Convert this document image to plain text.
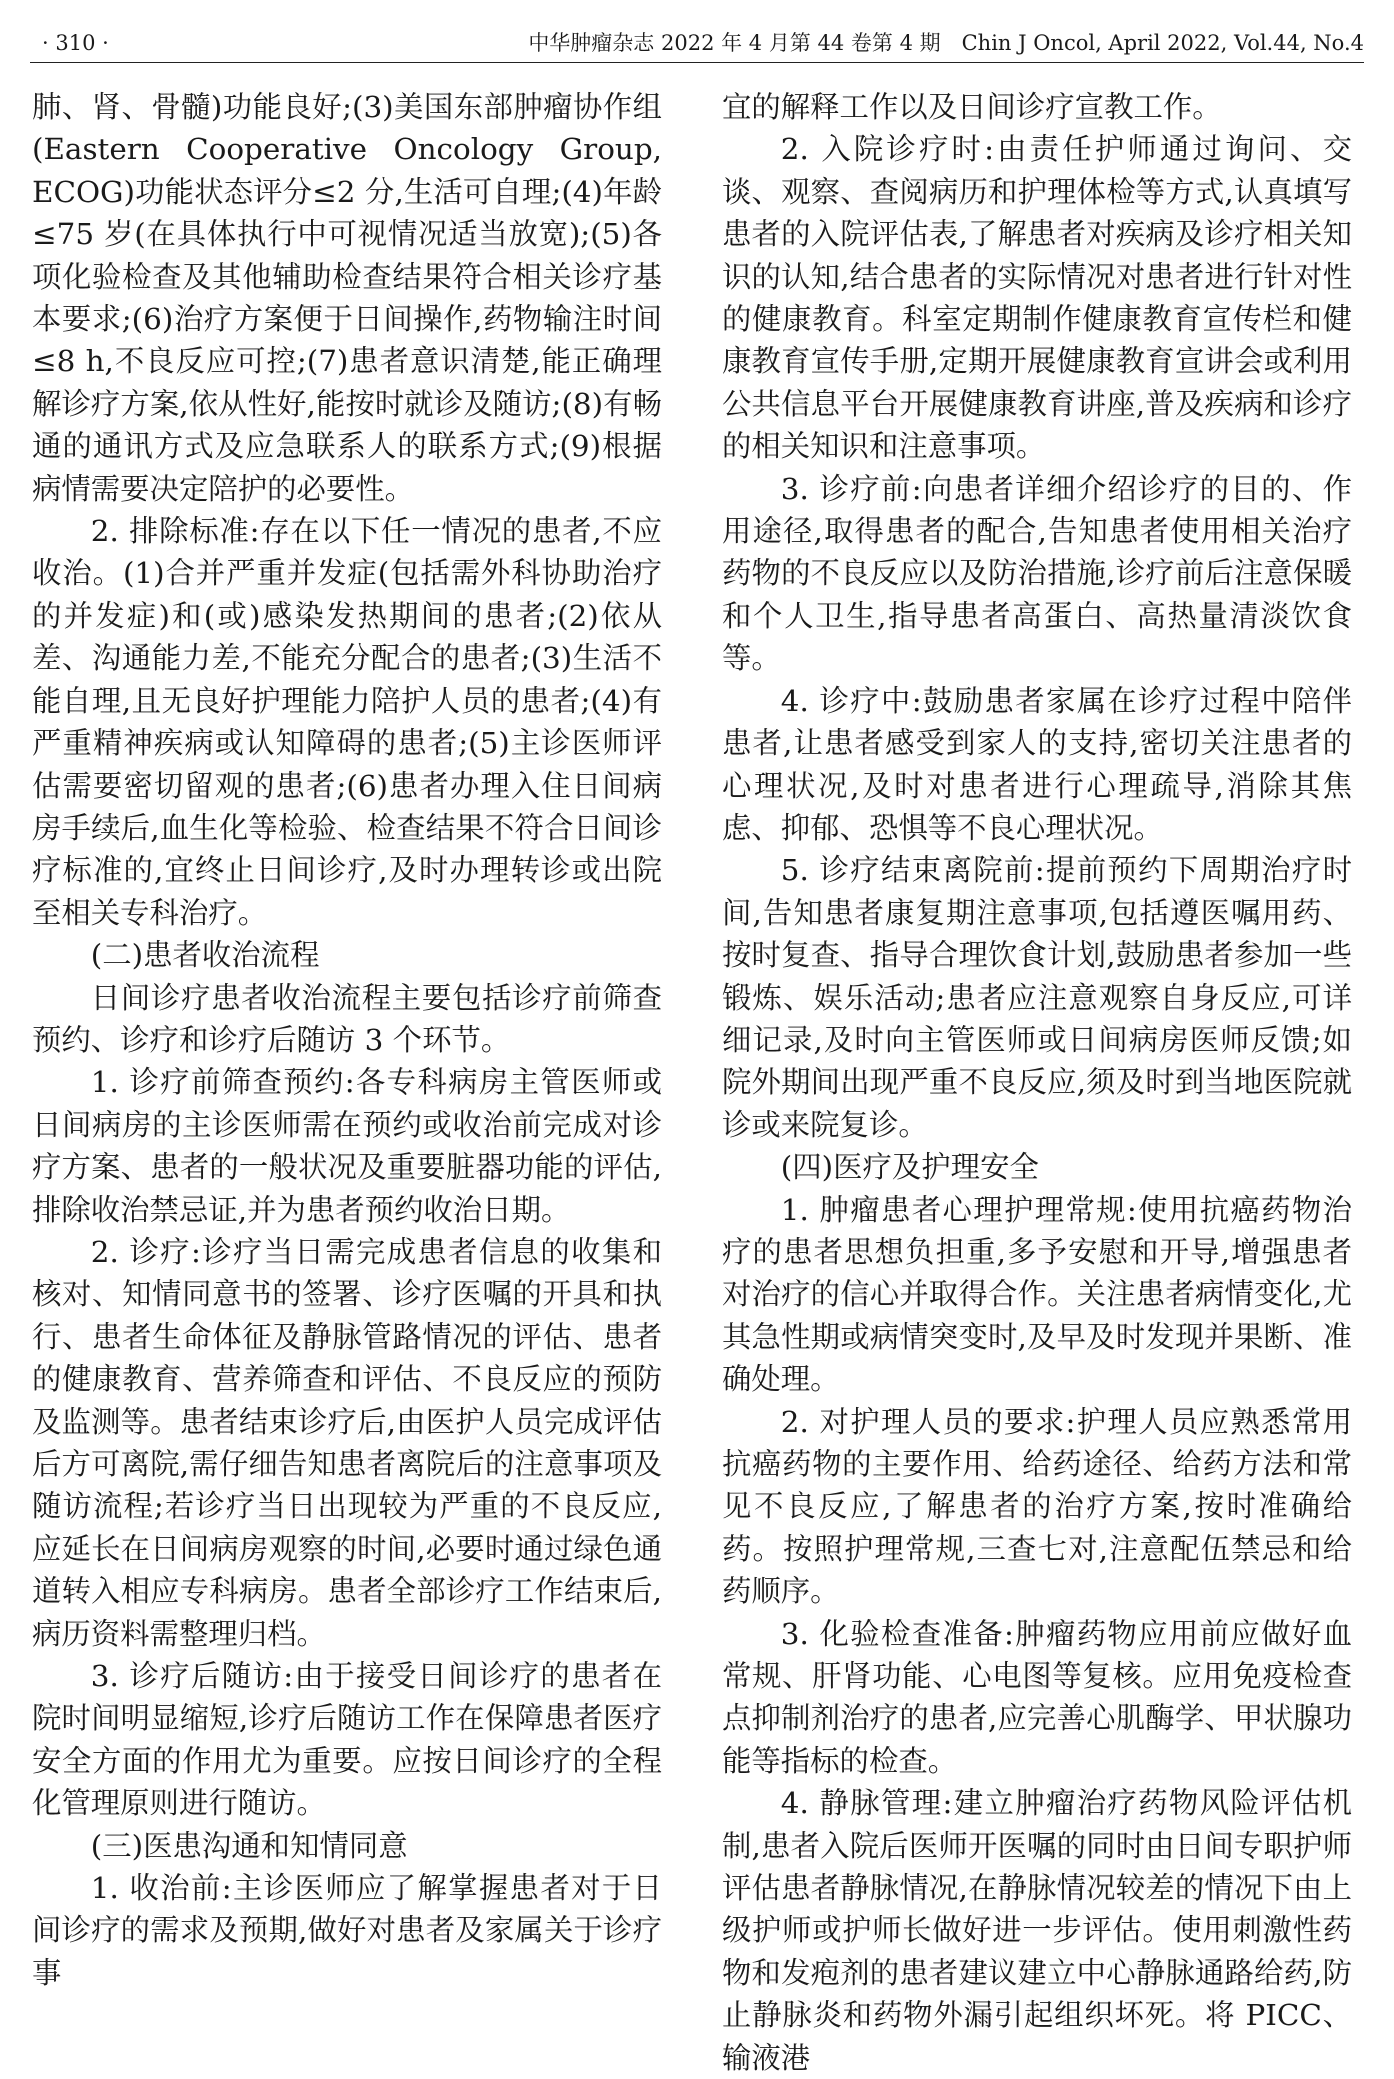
· 310 ·	中华肿瘤杂志 2022 年 4 月第 44 卷第 4 期　Chin J Oncol, April 2022, Vol.44, No.4

肺、肾、骨髓)功能良好;(3)美国东部肿瘤协作组(Eastern Cooperative Oncology Group, ECOG)功能状态评分≤2 分,生活可自理;(4)年龄≤75 岁(在具体执行中可视情况适当放宽);(5)各项化验检查及其他辅助检查结果符合相关诊疗基本要求;(6)治疗方案便于日间操作,药物输注时间≤8 h,不良反应可控;(7)患者意识清楚,能正确理解诊疗方案,依从性好,能按时就诊及随访;(8)有畅通的通讯方式及应急联系人的联系方式;(9)根据病情需要决定陪护的必要性。

2. 排除标准:存在以下任一情况的患者,不应收治。(1)合并严重并发症(包括需外科协助治疗的并发症)和(或)感染发热期间的患者;(2)依从差、沟通能力差,不能充分配合的患者;(3)生活不能自理,且无良好护理能力陪护人员的患者;(4)有严重精神疾病或认知障碍的患者;(5)主诊医师评估需要密切留观的患者;(6)患者办理入住日间病房手续后,血生化等检验、检查结果不符合日间诊疗标准的,宜终止日间诊疗,及时办理转诊或出院至相关专科治疗。

(二)患者收治流程

日间诊疗患者收治流程主要包括诊疗前筛查预约、诊疗和诊疗后随访 3 个环节。

1. 诊疗前筛查预约:各专科病房主管医师或日间病房的主诊医师需在预约或收治前完成对诊疗方案、患者的一般状况及重要脏器功能的评估,排除收治禁忌证,并为患者预约收治日期。

2. 诊疗:诊疗当日需完成患者信息的收集和核对、知情同意书的签署、诊疗医嘱的开具和执行、患者生命体征及静脉管路情况的评估、患者的健康教育、营养筛查和评估、不良反应的预防及监测等。患者结束诊疗后,由医护人员完成评估后方可离院,需仔细告知患者离院后的注意事项及随访流程;若诊疗当日出现较为严重的不良反应,应延长在日间病房观察的时间,必要时通过绿色通道转入相应专科病房。患者全部诊疗工作结束后,病历资料需整理归档。

3. 诊疗后随访:由于接受日间诊疗的患者在院时间明显缩短,诊疗后随访工作在保障患者医疗安全方面的作用尤为重要。应按日间诊疗的全程化管理原则进行随访。

(三)医患沟通和知情同意

1. 收治前:主诊医师应了解掌握患者对于日间诊疗的需求及预期,做好对患者及家属关于诊疗事

宜的解释工作以及日间诊疗宣教工作。

2. 入院诊疗时:由责任护师通过询问、交谈、观察、查阅病历和护理体检等方式,认真填写患者的入院评估表,了解患者对疾病及诊疗相关知识的认知,结合患者的实际情况对患者进行针对性的健康教育。科室定期制作健康教育宣传栏和健康教育宣传手册,定期开展健康教育宣讲会或利用公共信息平台开展健康教育讲座,普及疾病和诊疗的相关知识和注意事项。

3. 诊疗前:向患者详细介绍诊疗的目的、作用途径,取得患者的配合,告知患者使用相关治疗药物的不良反应以及防治措施,诊疗前后注意保暖和个人卫生,指导患者高蛋白、高热量清淡饮食等。

4. 诊疗中:鼓励患者家属在诊疗过程中陪伴患者,让患者感受到家人的支持,密切关注患者的心理状况,及时对患者进行心理疏导,消除其焦虑、抑郁、恐惧等不良心理状况。

5. 诊疗结束离院前:提前预约下周期治疗时间,告知患者康复期注意事项,包括遵医嘱用药、按时复查、指导合理饮食计划,鼓励患者参加一些锻炼、娱乐活动;患者应注意观察自身反应,可详细记录,及时向主管医师或日间病房医师反馈;如院外期间出现严重不良反应,须及时到当地医院就诊或来院复诊。

(四)医疗及护理安全

1. 肿瘤患者心理护理常规:使用抗癌药物治疗的患者思想负担重,多予安慰和开导,增强患者对治疗的信心并取得合作。关注患者病情变化,尤其急性期或病情突变时,及早及时发现并果断、准确处理。

2. 对护理人员的要求:护理人员应熟悉常用抗癌药物的主要作用、给药途径、给药方法和常见不良反应,了解患者的治疗方案,按时准确给药。按照护理常规,三查七对,注意配伍禁忌和给药顺序。

3. 化验检查准备:肿瘤药物应用前应做好血常规、肝肾功能、心电图等复核。应用免疫检查点抑制剂治疗的患者,应完善心肌酶学、甲状腺功能等指标的检查。

4. 静脉管理:建立肿瘤治疗药物风险评估机制,患者入院后医师开医嘱的同时由日间专职护师评估患者静脉情况,在静脉情况较差的情况下由上级护师或护师长做好进一步评估。使用刺激性药物和发疱剂的患者建议建立中心静脉通路给药,防止静脉炎和药物外漏引起组织坏死。将 PICC、输液港
